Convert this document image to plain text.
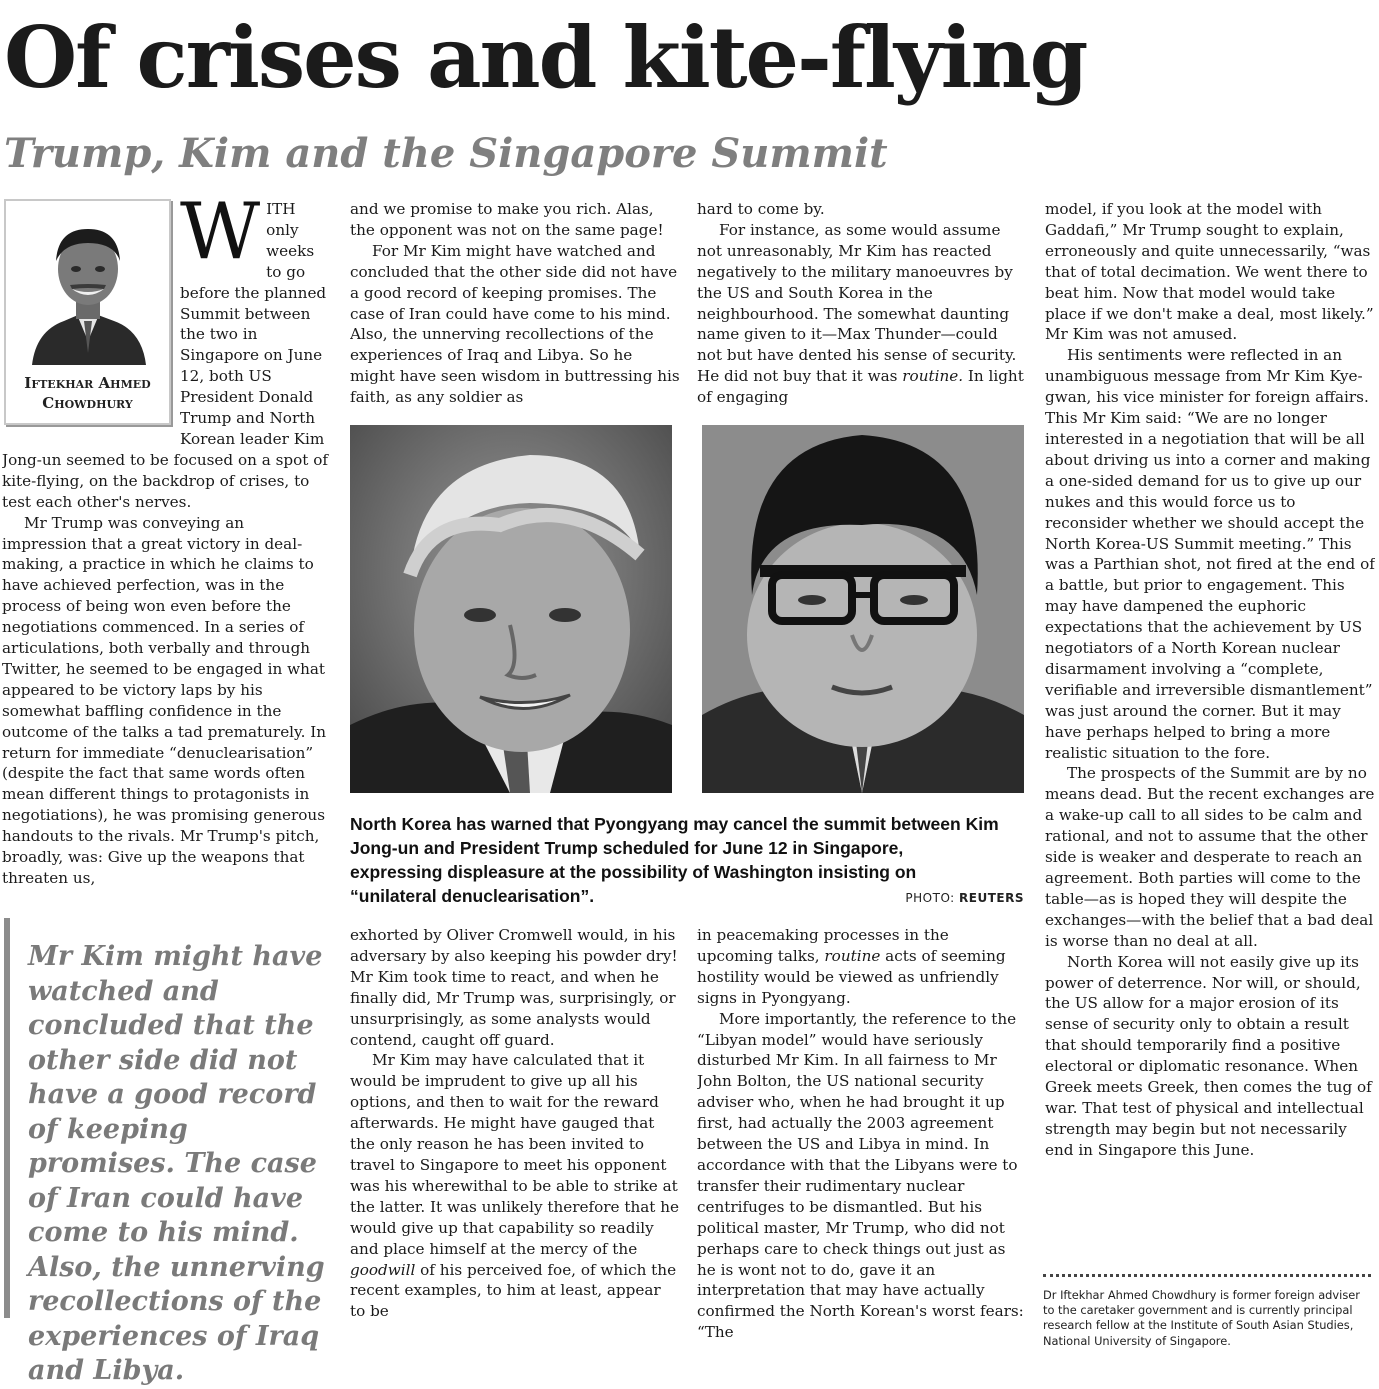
Of crises and kite-flying
Trump, Kim and the Singapore Summit
Iftekhar Ahmed
Chowdhury

WITH only weeks to go before the planned Summit between the two in Singapore on June 12, both US President Donald Trump and North Korean leader Kim Jong-un seemed to be focused on a spot of kite-flying, on the backdrop of crises, to test each other's nerves.

Mr Trump was conveying an impression that a great victory in deal-making, a practice in which he claims to have achieved perfection, was in the process of being won even before the negotiations commenced. In a series of articulations, both verbally and through Twitter, he seemed to be engaged in what appeared to be victory laps by his somewhat baffling confidence in the outcome of the talks a tad prematurely. In return for immediate “denuclearisation” (despite the fact that same words often mean different things to protagonists in negotiations), he was promising generous handouts to the rivals. Mr Trump's pitch, broadly, was: Give up the weapons that threaten us,

Mr Kim might have watched and concluded that the other side did not have a good record of keeping promises. The case of Iran could have come to his mind. Also, the unnerving recollections of the experiences of Iraq and Libya.

and we promise to make you rich. Alas, the opponent was not on the same page!

For Mr Kim might have watched and concluded that the other side did not have a good record of keeping promises. The case of Iran could have come to his mind. Also, the unnerving recollections of the experiences of Iraq and Libya. So he might have seen wisdom in buttressing his faith, as any soldier as

hard to come by.

For instance, as some would assume not unreasonably, Mr Kim has reacted negatively to the military manoeuvres by the US and South Korea in the neighbourhood. The somewhat daunting name given to it—Max Thunder—could not but have dented his sense of security. He did not buy that it was routine. In light of engaging

North Korea has warned that Pyongyang may cancel the summit between Kim Jong-un and President Trump scheduled for June 12 in Singapore, expressing displeasure at the possibility of Washington insisting on “unilateral denuclearisation”.	PHOTO: REUTERS

exhorted by Oliver Cromwell would, in his adversary by also keeping his powder dry! Mr Kim took time to react, and when he finally did, Mr Trump was, surprisingly, or unsurprisingly, as some analysts would contend, caught off guard.

Mr Kim may have calculated that it would be imprudent to give up all his options, and then to wait for the reward afterwards. He might have gauged that the only reason he has been invited to travel to Singapore to meet his opponent was his wherewithal to be able to strike at the latter. It was unlikely therefore that he would give up that capability so readily and place himself at the mercy of the goodwill of his perceived foe, of which the recent examples, to him at least, appear to be

in peacemaking processes in the upcoming talks, routine acts of seeming hostility would be viewed as unfriendly signs in Pyongyang.

More importantly, the reference to the “Libyan model” would have seriously disturbed Mr Kim. In all fairness to Mr John Bolton, the US national security adviser who, when he had brought it up first, had actually the 2003 agreement between the US and Libya in mind. In accordance with that the Libyans were to transfer their rudimentary nuclear centrifuges to be dismantled. But his political master, Mr Trump, who did not perhaps care to check things out just as he is wont not to do, gave it an interpretation that may have actually confirmed the North Korean's worst fears: “The

model, if you look at the model with Gaddafi,” Mr Trump sought to explain, erroneously and quite unnecessarily, “was that of total decimation. We went there to beat him. Now that model would take place if we don't make a deal, most likely.” Mr Kim was not amused.

His sentiments were reflected in an unambiguous message from Mr Kim Kye-gwan, his vice minister for foreign affairs. This Mr Kim said: “We are no longer interested in a negotiation that will be all about driving us into a corner and making a one-sided demand for us to give up our nukes and this would force us to reconsider whether we should accept the North Korea-US Summit meeting.” This was a Parthian shot, not fired at the end of a battle, but prior to engagement. This may have dampened the euphoric expectations that the achievement by US negotiators of a North Korean nuclear disarmament involving a “complete, verifiable and irreversible dismantlement” was just around the corner. But it may have perhaps helped to bring a more realistic situation to the fore.

The prospects of the Summit are by no means dead. But the recent exchanges are a wake-up call to all sides to be calm and rational, and not to assume that the other side is weaker and desperate to reach an agreement. Both parties will come to the table—as is hoped they will despite the exchanges—with the belief that a bad deal is worse than no deal at all.

North Korea will not easily give up its power of deterrence. Nor will, or should, the US allow for a major erosion of its sense of security only to obtain a result that should temporarily find a positive electoral or diplomatic resonance. When Greek meets Greek, then comes the tug of war. That test of physical and intellectual strength may begin but not necessarily end in Singapore this June.

Dr Iftekhar Ahmed Chowdhury is former foreign adviser to the caretaker government and is currently principal research fellow at the Institute of South Asian Studies, National University of Singapore.
